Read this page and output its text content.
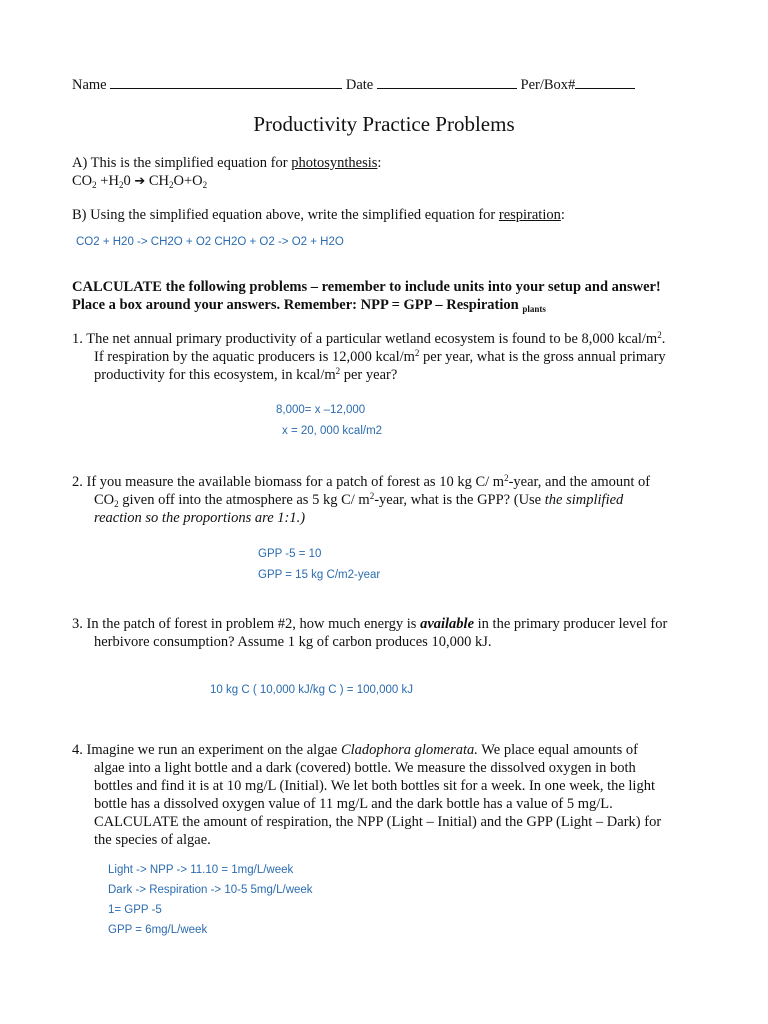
Name	Date	Per/Box#
Productivity Practice Problems
A) This is the simplified equation for photosynthesis:
$CO_2 +H_20$ ➔ $CH_2O+O_2$
B) Using the simplified equation above, write the simplified equation for respiration:
CO2 + H20 -> CH2O + O2 CH2O + O2 -> O2 + H2O
CALCULATE the following problems – remember to include units into your setup and answer!
Place a box around your answers. Remember: NPP = GPP – Respiration $_{plants}$
1. The net annual primary productivity of a particular wetland ecosystem is found to be 8,000 kcal/$m^2$.
If respiration by the aquatic producers is 12,000 kcal/$m^2$ per year, what is the gross annual primary
productivity for this ecosystem, in kcal/$m^2$ per year?
8,000= x –12,000
x = 20, 000 kcal/m2
2. If you measure the available biomass for a patch of forest as 10 kg C/ $m^2$-year, and the amount of
$CO_2$ given off into the atmosphere as 5 kg C/ $m^2$-year, what is the GPP? (Use the simplified
reaction so the proportions are 1:1.)
GPP -5 = 10
GPP = 15 kg C/m2-year
3. In the patch of forest in problem #2, how much energy is available in the primary producer level for
herbivore consumption? Assume 1 kg of carbon produces 10,000 kJ.
10 kg C ( 10,000 kJ/kg C ) = 100,000 kJ
4. Imagine we run an experiment on the algae Cladophora glomerata. We place equal amounts of
algae into a light bottle and a dark (covered) bottle. We measure the dissolved oxygen in both
bottles and find it is at 10 mg/L (Initial). We let both bottles sit for a week. In one week, the light
bottle has a dissolved oxygen value of 11 mg/L and the dark bottle has a value of 5 mg/L.
CALCULATE the amount of respiration, the NPP (Light – Initial) and the GPP (Light – Dark) for
the species of algae.
Light -> NPP -> 11.10 = 1mg/L/week
Dark -> Respiration -> 10-5 5mg/L/week
1= GPP -5
GPP = 6mg/L/week
